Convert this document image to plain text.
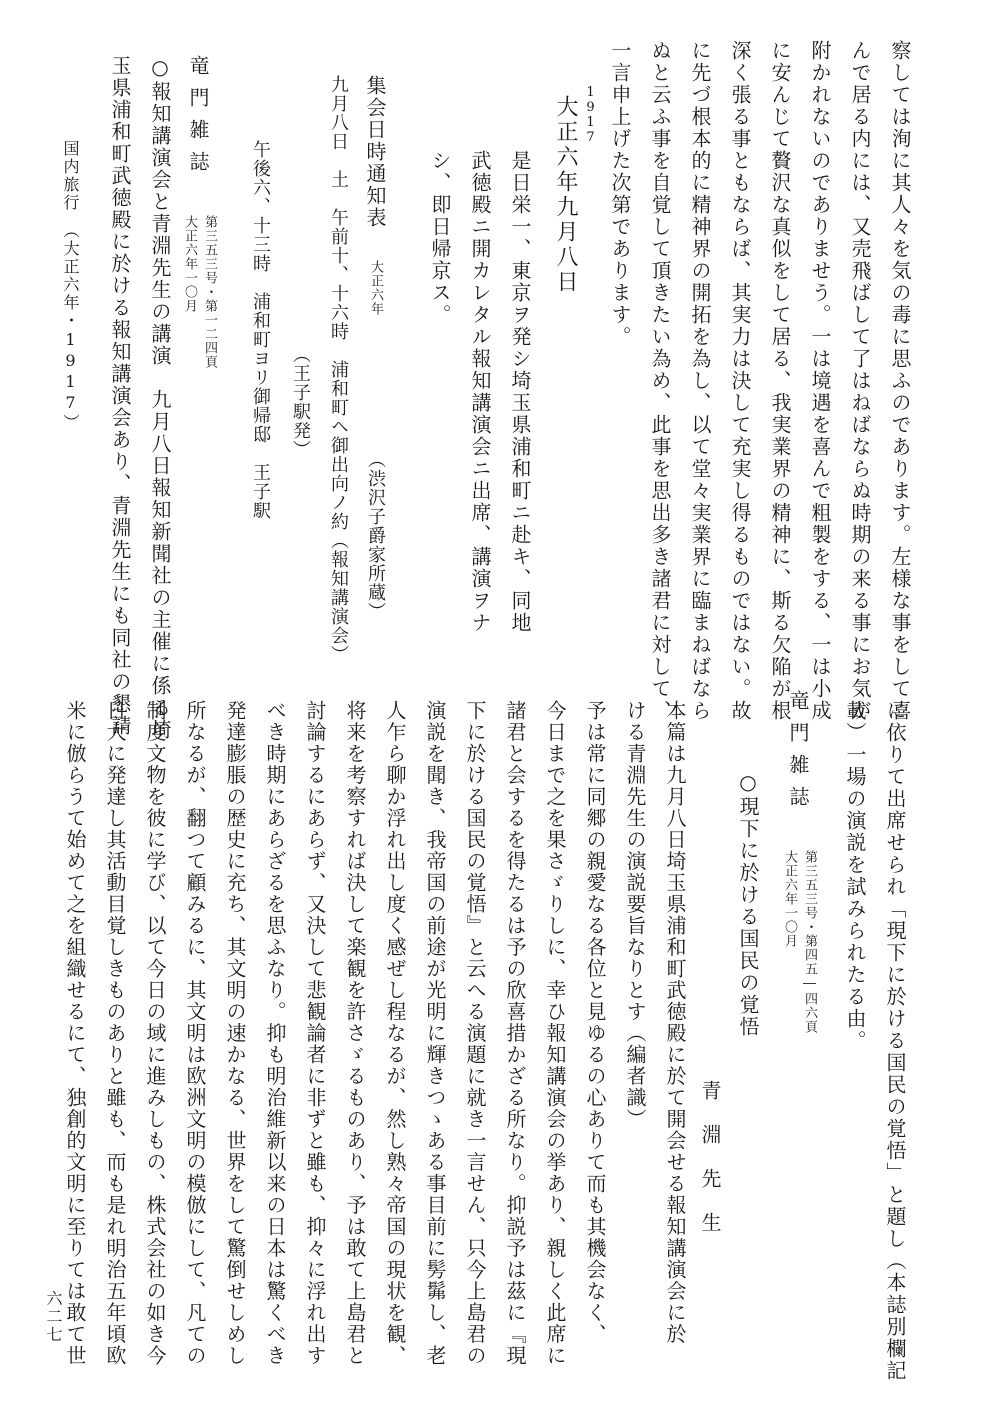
察しては洵に其人々を気の毒に思ふのであります。左様な事をして喜
んで居る内には、又売飛ばして了はねばならぬ時期の来る事にお気が
附かれないのでありませう。一は境遇を喜んで粗製をする、一は小成
に安んじて贅沢な真似をして居る、我実業界の精神に、斯る欠陥が根
深く張る事ともならば、其実力は決して充実し得るものではない。故
に先づ根本的に精神界の開拓を為し、以て堂々実業界に臨まねばなら
ぬと云ふ事を自覚して頂きたい為め、此事を思出多き諸君に対して、
一言申上げた次第であります。
1917
大正六年九月八日
是日栄一、東京ヲ発シ埼玉県浦和町ニ赴キ、同地
武徳殿ニ開カレタル報知講演会ニ出席、講演ヲナ
シ、即日帰京ス。
集会日時通知表
大正六年
（渋沢子爵家所蔵）
九月八日　土　午前十、十六時　浦和町ヘ御出向ノ約（報知講演会）
（王子駅発）
午後六、十三時　浦和町ヨリ御帰邸　王子駅
竜門雑誌
第三五三号・第一二四頁
大正六年一〇月
○報知講演会と青淵先生の講演　九月八日報知新聞社の主催に係る埼
玉県浦和町武徳殿に於ける報知講演会あり、青淵先生にも同社の懇請
国内旅行　（大正六年・1917）
に依りて出席せられ「現下に於ける国民の覚悟」と題し（本誌別欄記
載）一場の演説を試みられたる由。
竜門雑誌
第三五三号・第四五―四六頁
大正六年一〇月
○現下に於ける国民の覚悟
青　淵　先　生
本篇は九月八日埼玉県浦和町武徳殿に於て開会せる報知講演会に於
ける青淵先生の演説要旨なりとす（編者識）
予は常に同郷の親愛なる各位と見ゆるの心ありて而も其機会なく、
今日まで之を果さゞりしに、幸ひ報知講演会の挙あり、親しく此席に
諸君と会するを得たるは予の欣喜措かざる所なり。抑説予は茲に『現
下に於ける国民の覚悟』と云へる演題に就き一言せん、只今上島君の
演説を聞き、我帝国の前途が光明に輝きつゝある事目前に髣髴し、老
人乍ら聊か浮れ出し度く感ぜし程なるが、然し熟々帝国の現状を観、
将来を考察すれば決して楽観を許さゞるものあり、予は敢て上島君と
討論するにあらず、又決して悲観論者に非ずと雖も、抑々に浮れ出す
べき時期にあらざるを思ふなり。抑も明治維新以来の日本は驚くべき
発達膨脹の歴史に充ち、其文明の速かなる、世界をして驚倒せしめし
所なるが、翻つて顧みるに、其文明は欧洲文明の模倣にして、凡ての
制度文物を彼に学び、以て今日の域に進みしもの、株式会社の如き今
日大に発達し其活動目覚しきものありと雖も、而も是れ明治五年頃欧
米に倣らうて始めて之を組織せるにて、独創的文明に至りては敢て世
六二七
